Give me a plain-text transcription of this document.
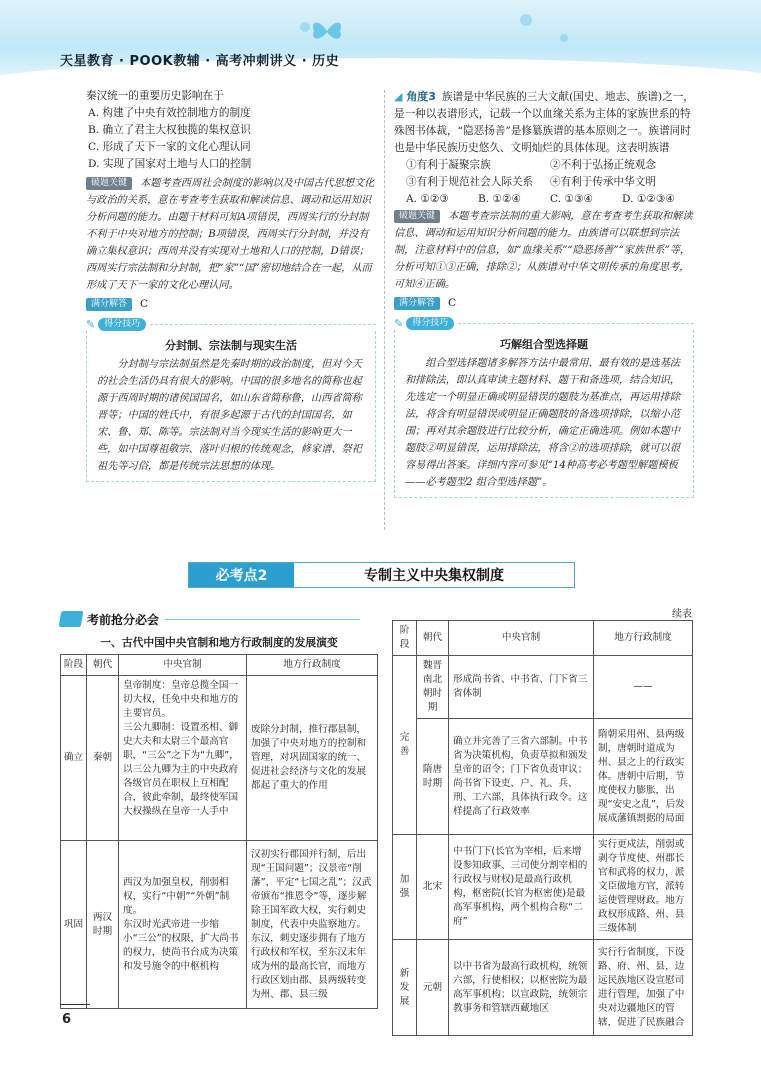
天星教育 · POOK教辅 · 高考冲刺讲义 · 历史
秦汉统一的重要历史影响在于
A. 构建了中央有效控制地方的制度
B. 确立了君主大权独揽的集权意识
C. 形成了天下一家的文化心理认同
D. 实现了国家对土地与人口的控制
破题关键 本题考查西周社会制度的影响以及中国古代思想文化与政治的关系，意在考查考生获取和解读信息、调动和运用知识分析问题的能力。由题干材料可知A项错误，西周实行的分封制不利于中央对地方的控制；B项错误，西周实行分封制，并没有确立集权意识；西周并没有实现对土地和人口的控制，D错误；西周实行宗法制和分封制，把“家”“国”密切地结合在一起，从而形成了天下一家的文化心理认同。
满分解答 C
✎	得分技巧
分封制、宗法制与现实生活
分封制与宗法制虽然是先秦时期的政治制度，但对今天的社会生活仍具有很大的影响。中国的很多地名的简称也起源于西周时期的诸侯国国名，如山东省简称鲁，山西省简称晋等；中国的姓氏中，有很多起源于古代的封国国名，如宋、鲁、郑、陈等。宗法制对当今现实生活的影响更大一些，如中国尊祖敬宗、落叶归根的传统观念，修家谱、祭祀祖先等习俗，都是传统宗法思想的体现。
◢ 角度3 族谱是中华民族的三大文献(国史、地志、族谱)之一，是一种以表谱形式，记载一个以血缘关系为主体的家族世系的特殊图书体裁，“隐恶扬善”是修纂族谱的基本原则之一。族谱同时也是中华民族历史悠久、文明灿烂的具体体现。这表明族谱
①有利于凝聚宗族	②不利于弘扬正统观念
③有利于规范社会人际关系	④有利于传承中华文明
A. ①②③	B. ①②④	C. ①③④	D. ①②③④
破题关键 本题考查宗法制的重大影响，意在考查考生获取和解读信息、调动和运用知识分析问题的能力。由族谱可以联想到宗法制，注意材料中的信息，如“血缘关系”“隐恶扬善”“家族世系”等，分析可知①③正确，排除②；从族谱对中华文明传承的角度思考，可知④正确。
满分解答 C
✎	得分技巧
巧解组合型选择题
组合型选择题诸多解答方法中最常用、最有效的是选基法和排除法，即认真审读主题材料、题干和备选项，结合知识，先选定一个明显正确或明显错误的题肢为基准点，再运用排除法，将含有明显错误或明显正确题肢的备选项排除，以缩小范围；再对其余题肢进行比较分析，确定正确选项。例如本题中题肢②明显错误，运用排除法，将含②的选项排除，就可以很容易得出答案。详细内容可参见“14种高考必考题型解题模板——必考题型2 组合型选择题”。
必考点2	专制主义中央集权制度
考前抢分必会
一、古代中国中央官制和地方行政制度的发展演变
续表
阶段	朝代	中央官制	地方行政制度
确立	秦朝	皇帝制度：皇帝总揽全国一切大权，任免中央和地方的主要官员。
三公九卿制：设置丞相、御史大夫和太尉三个最高官职，“三公”之下为“九卿”，以三公九卿为主的中央政府各级官员在职权上互相配合，彼此牵制，最终使军国大权操纵在皇帝一人手中	废除分封制，推行郡县制，加强了中央对地方的控制和管理，对巩固国家的统一、促进社会经济与文化的发展都起了重大的作用
巩固	两汉时期	西汉为加强皇权，削弱相权，实行“中朝”“外朝”制度。
东汉时光武帝进一步缩小“三公”的权限，扩大尚书的权力，使尚书台成为决策和发号施令的中枢机构	汉初实行郡国并行制，后出现“王国问题”；汉景帝“削藩”，平定“七国之乱”；汉武帝颁布“推恩令”等，逐步解除王国军政大权，实行刺史制度，代表中央监察地方。东汉，刺史逐步拥有了地方行政权和军权，至东汉末年成为州的最高长官，而地方行政区划由郡、县两级转变为州、郡、县三级
阶段	朝代	中央官制	地方行政制度
完善	魏晋南北朝时期	形成尚书省、中书省、门下省三省体制	——
	隋唐时期	确立并完善了三省六部制。中书省为决策机构，负责草拟和颁发皇帝的诏令；门下省负责审议；尚书省下设吏、户、礼、兵、刑、工六部，具体执行政令。这样提高了行政效率	隋朝采用州、县两级制，唐朝时道成为州、县之上的行政实体。唐朝中后期，节度使权力膨胀，出现“安史之乱”，后发展成藩镇割据的局面
加强	北宋	中书门下(长官为宰相，后来增设参知政事、三司使分割宰相的行政权与财权)是最高行政机构，枢密院(长官为枢密使)是最高军事机构，两个机构合称“二府”	实行更戍法，削弱或剥夺节度使、州郡长官和武将的权力，派文臣做地方官，派转运使管理财政。地方政权形成路、州、县三级体制
新发展	元朝	以中书省为最高行政机构，统领六部，行使相权；以枢密院为最高军事机构；以宣政院，统领宗教事务和管辖西藏地区	实行行省制度，下设路、府、州、县，边远民族地区设宣慰司进行管理，加强了中央对边疆地区的管辖，促进了民族融合
6
